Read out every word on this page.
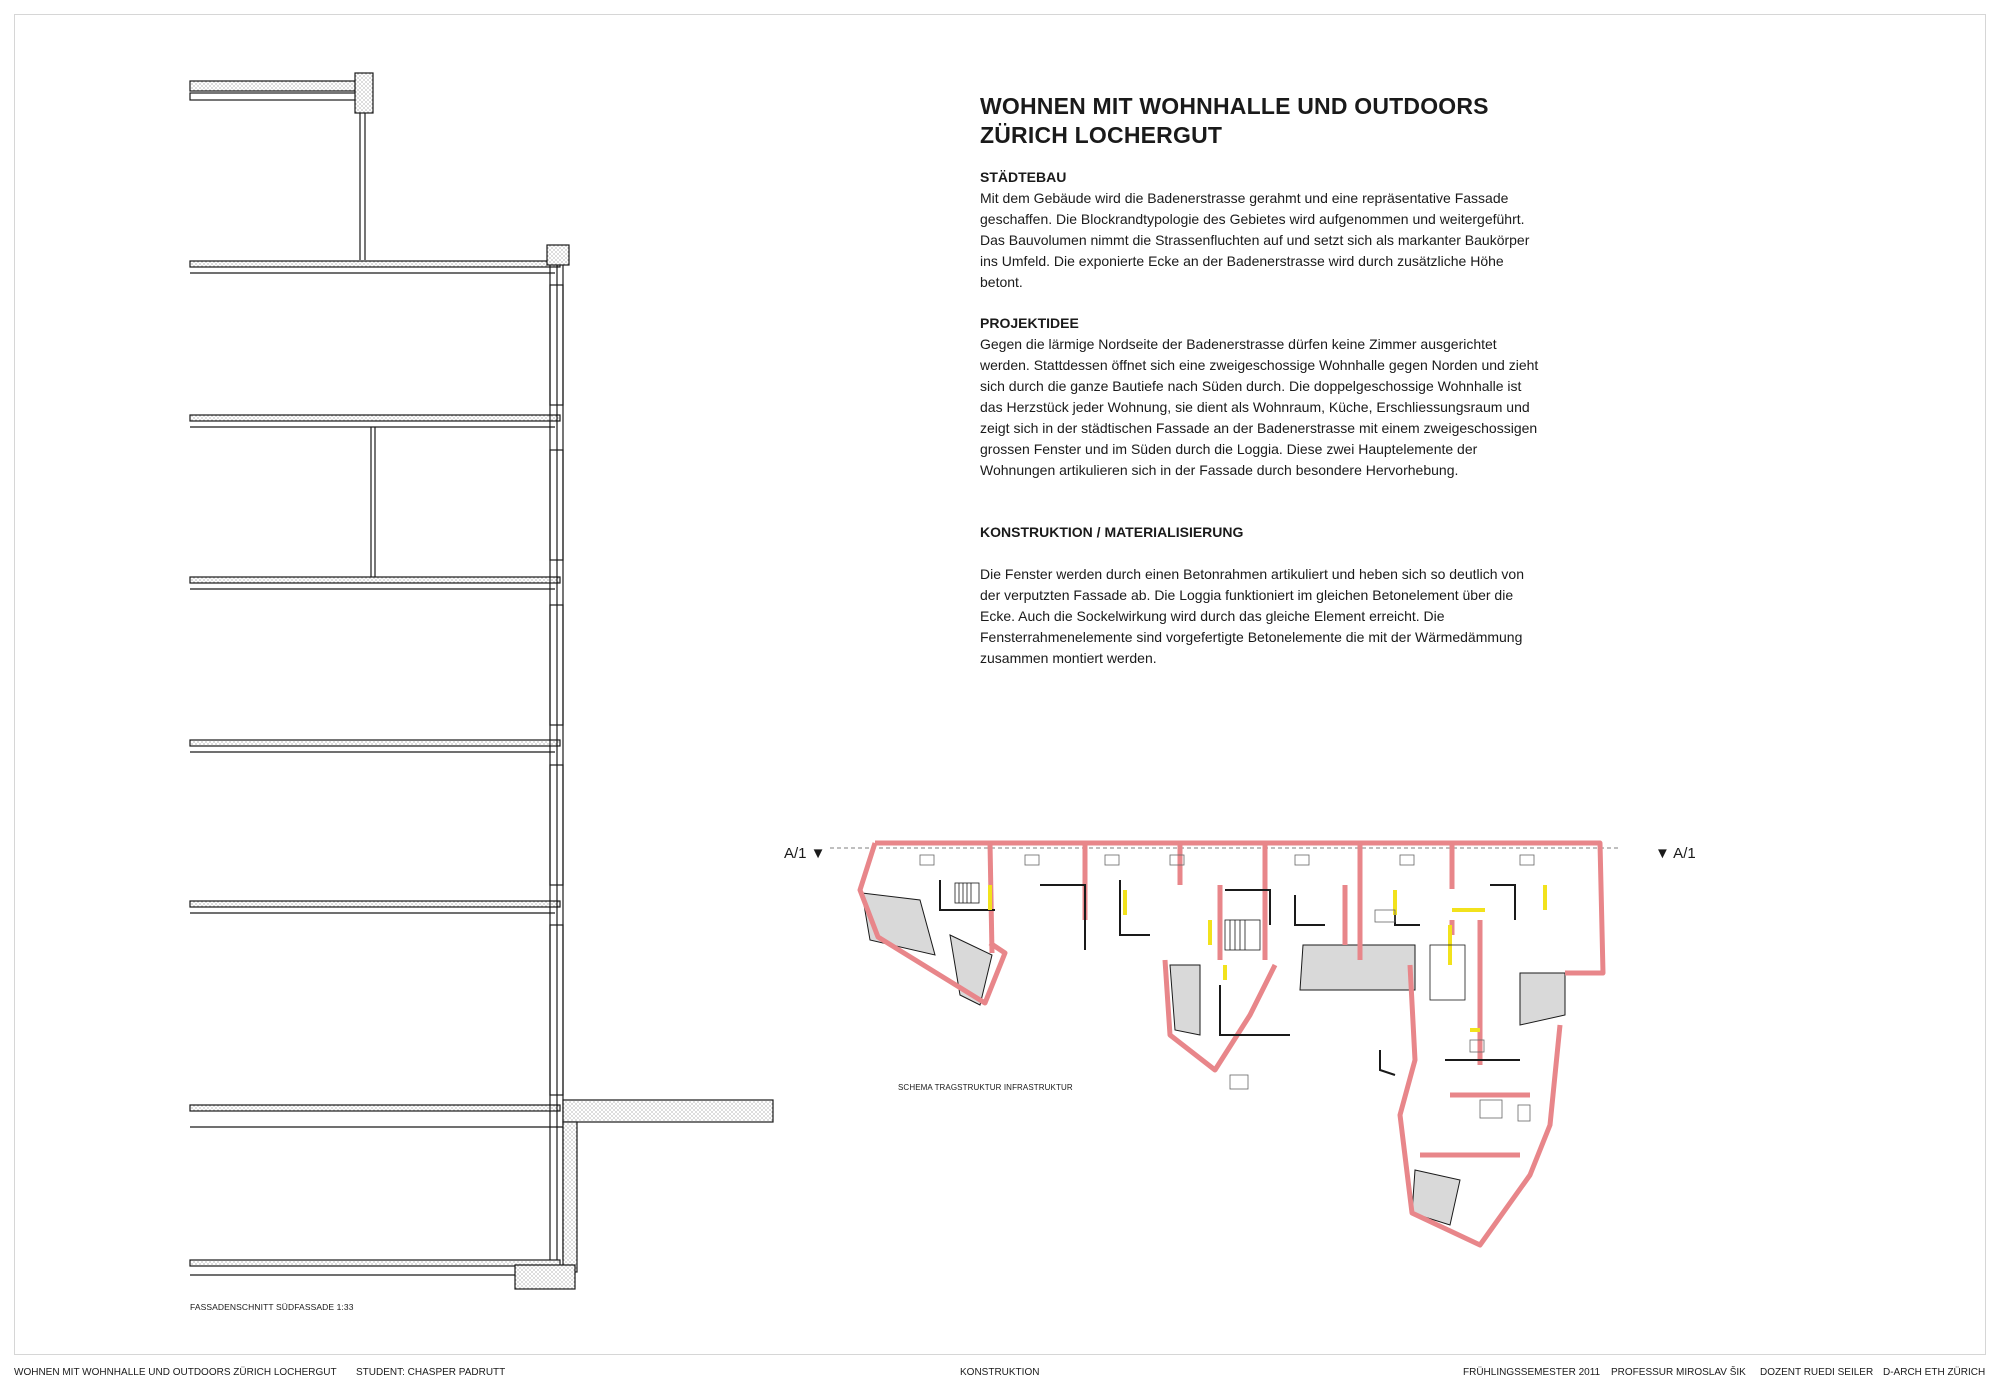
FASSADENSCHNITT SÜDFASSADE 1:33
WOHNEN MIT WOHNHALLE UND OUTDOORS
ZÜRICH LOCHERGUT
STÄDTEBAU

Mit dem Gebäude wird die Badenerstrasse gerahmt und eine repräsentative Fassade geschaffen. Die Blockrandtypologie des Gebietes wird aufgenommen und weitergeführt. Das Bauvolumen nimmt die Strassenfluchten auf und setzt sich als markanter Baukörper ins Umfeld. Die exponierte Ecke an der Badenerstrasse wird durch zusätzliche Höhe betont.

PROJEKTIDEE

Gegen die lärmige Nordseite der Badenerstrasse dürfen keine Zimmer ausgerichtet werden. Stattdessen öffnet sich eine zweigeschossige Wohnhalle gegen Norden und zieht sich durch die ganze Bautiefe nach Süden durch. Die doppelgeschossige Wohnhalle ist das Herzstück jeder Wohnung, sie dient als Wohnraum, Küche, Erschliessungsraum und zeigt sich in der städtischen Fassade an der Badenerstrasse mit einem zweigeschossigen grossen Fenster und im Süden durch die Loggia. Diese zwei Hauptelemente der Wohnungen artikulieren sich in der Fassade durch besondere Hervorhebung.

KONSTRUKTION / MATERIALISIERUNG

Die Fenster werden durch einen Betonrahmen artikuliert und heben sich so deutlich von der verputzten Fassade ab. Die Loggia funktioniert im gleichen Betonelement über die Ecke. Auch die Sockelwirkung wird durch das gleiche Element erreicht. Die Fensterrahmenelemente sind vorgefertigte Betonelemente die mit der Wärmedämmung zusammen montiert werden.

A/1 ▼	▼ A/1
SCHEMA TRAGSTRUKTUR INFRASTRUKTUR
WOHNEN MIT WOHNHALLE UND OUTDOORS ZÜRICH LOCHERGUT STUDENT: CHASPER PADRUTT	KONSTRUKTION	FRÜHLINGSSEMESTER 2011 PROFESSUR MIROSLAV ŠIK DOZENT RUEDI SEILER D-ARCH ETH ZÜRICH
